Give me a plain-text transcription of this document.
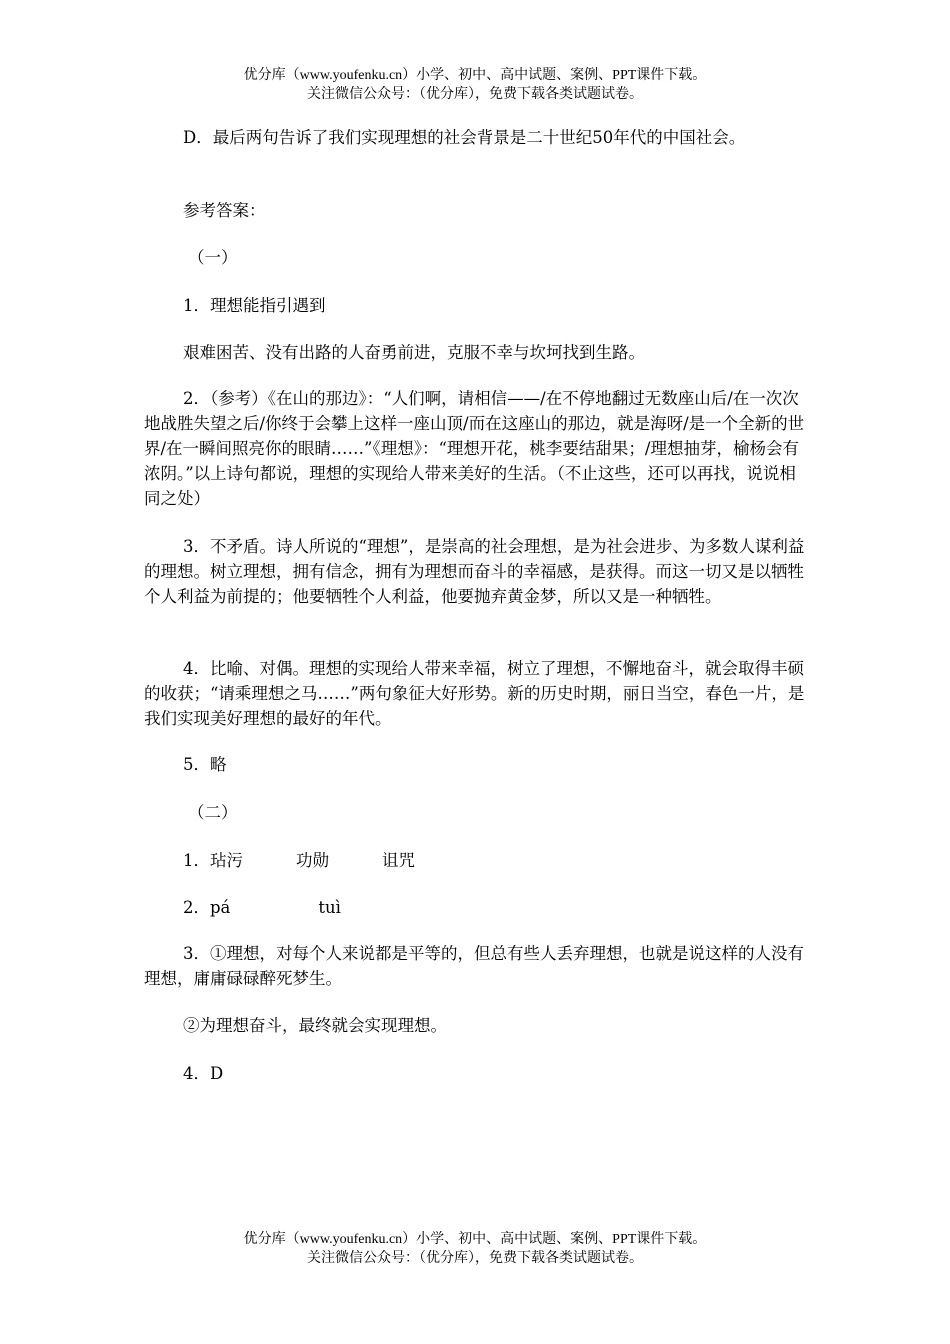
优分库（www.youfenku.cn）小学、初中、高中试题、案例、PPT课件下载。
关注微信公众号：（优分库），免费下载各类试题试卷。

D．最后两句告诉了我们实现理想的社会背景是二十世纪50年代的中国社会。

参考答案：

（一）

1．理想能指引遇到

艰难困苦、没有出路的人奋勇前进，克服不幸与坎坷找到生路。

2．（参考）《在山的那边》：“人们啊，请相信——/在不停地翻过无数座山后/在一次次地战胜失望之后/你终于会攀上这样一座山顶/而在这座山的那边，就是海呀/是一个全新的世界/在一瞬间照亮你的眼睛……”《理想》：“理想开花，桃李要结甜果；/理想抽芽，榆杨会有浓阴。”以上诗句都说，理想的实现给人带来美好的生活。（不止这些，还可以再找，说说相同之处）

3．不矛盾。诗人所说的“理想”，是崇高的社会理想，是为社会进步、为多数人谋利益的理想。树立理想，拥有信念，拥有为理想而奋斗的幸福感，是获得。而这一切又是以牺牲个人利益为前提的；他要牺牲个人利益，他要抛弃黄金梦，所以又是一种牺牲。

4．比喻、对偶。理想的实现给人带来幸福，树立了理想，不懈地奋斗，就会取得丰硕的收获；“请乘理想之马……”两句象征大好形势。新的历史时期，丽日当空，春色一片，是我们实现美好理想的最好的年代。

5．略

（二）

1．玷污	功勋	诅咒

2．pá	tuì

3．①理想，对每个人来说都是平等的，但总有些人丢弃理想，也就是说这样的人没有理想，庸庸碌碌醉死梦生。

②为理想奋斗，最终就会实现理想。

4．D

优分库（www.youfenku.cn）小学、初中、高中试题、案例、PPT课件下载。
关注微信公众号：（优分库），免费下载各类试题试卷。
